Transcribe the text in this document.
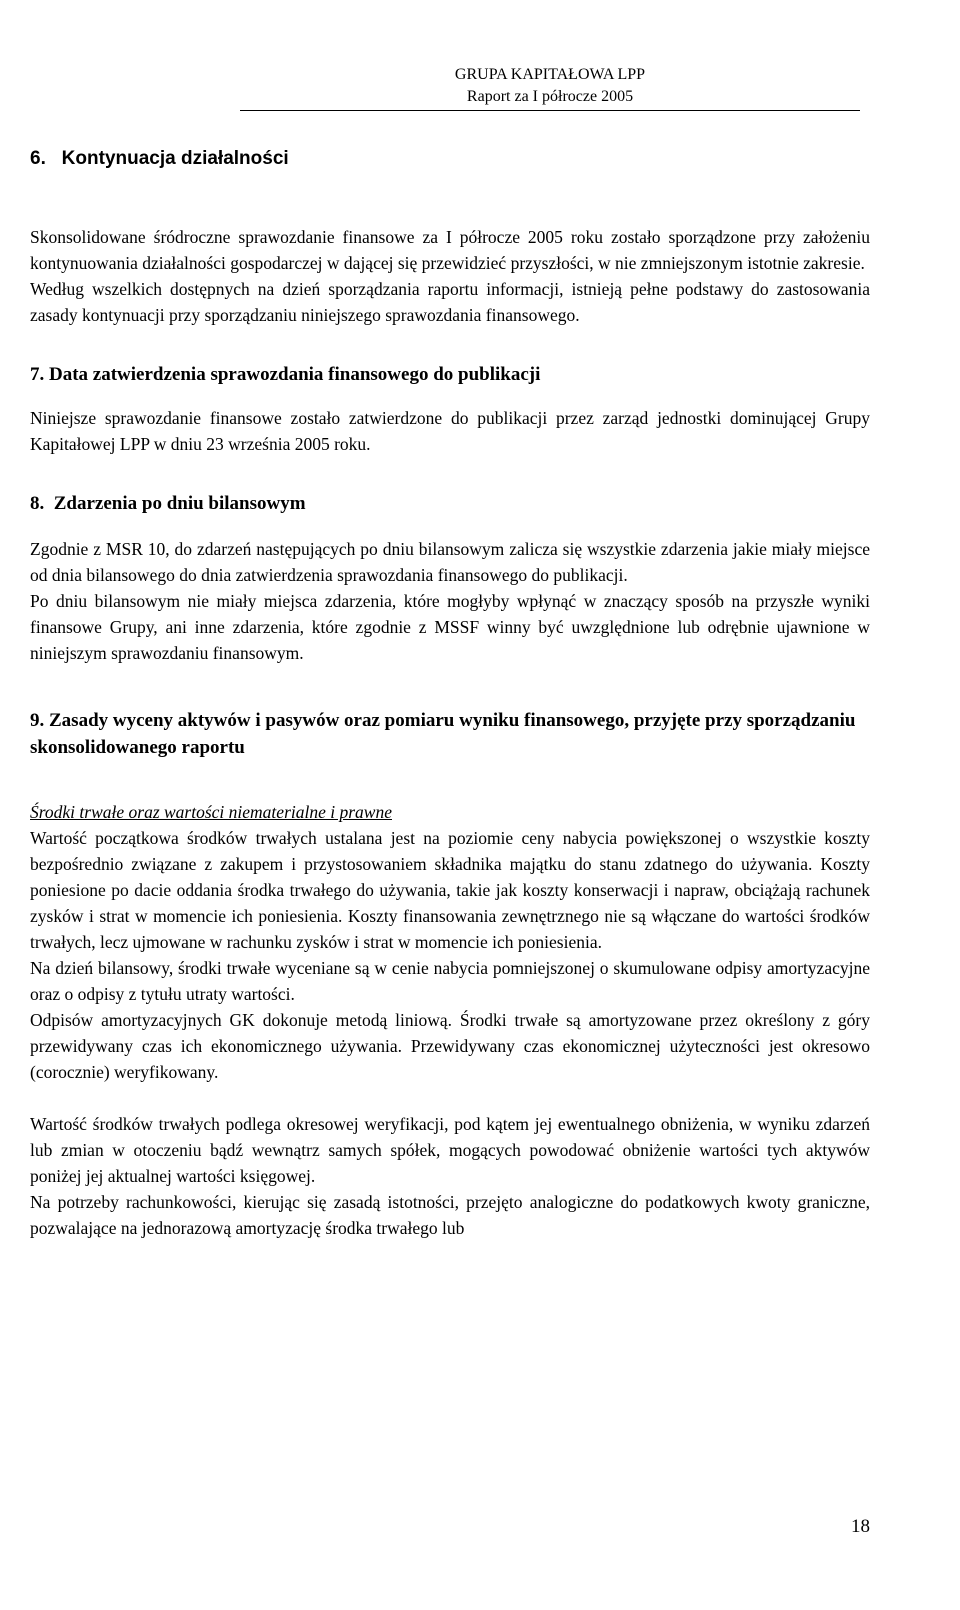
GRUPA KAPITAŁOWA LPP
Raport za I półrocze 2005
6.   Kontynuacja działalności

Skonsolidowane śródroczne sprawozdanie finansowe za I półrocze 2005 roku zostało sporządzone przy założeniu kontynuowania działalności gospodarczej w dającej się przewidzieć przyszłości, w nie zmniejszonym istotnie zakresie.

Według wszelkich dostępnych na dzień sporządzania raportu informacji, istnieją pełne podstawy do zastosowania zasady kontynuacji przy sporządzaniu niniejszego sprawozdania finansowego.

7. Data zatwierdzenia sprawozdania finansowego do publikacji

Niniejsze sprawozdanie finansowe zostało zatwierdzone do publikacji przez zarząd jednostki dominującej Grupy Kapitałowej LPP w dniu 23 września 2005 roku.

8.  Zdarzenia po dniu bilansowym

Zgodnie z MSR 10, do zdarzeń następujących po dniu bilansowym zalicza się wszystkie zdarzenia jakie miały miejsce od dnia bilansowego do dnia zatwierdzenia sprawozdania finansowego do publikacji.

Po dniu bilansowym nie miały miejsca zdarzenia, które mogłyby wpłynąć w znaczący sposób na przyszłe wyniki finansowe Grupy, ani inne zdarzenia, które zgodnie z MSSF winny być uwzględnione lub odrębnie ujawnione w niniejszym sprawozdaniu finansowym.

9. Zasady wyceny aktywów i pasywów oraz pomiaru wyniku finansowego, przyjęte przy sporządzaniu skonsolidowanego raportu

Środki trwałe oraz wartości niematerialne i prawne

Wartość początkowa środków trwałych ustalana jest na poziomie ceny nabycia powiększonej o wszystkie koszty bezpośrednio związane z zakupem i przystosowaniem składnika majątku do stanu zdatnego do używania. Koszty poniesione po dacie oddania środka trwałego do używania, takie jak koszty konserwacji i napraw, obciążają rachunek zysków i strat w momencie ich poniesienia. Koszty finansowania zewnętrznego nie są włączane do wartości środków trwałych, lecz ujmowane w rachunku zysków i strat w momencie ich poniesienia.

Na dzień bilansowy, środki trwałe wyceniane są w cenie nabycia pomniejszonej o skumulowane odpisy amortyzacyjne oraz o odpisy z tytułu utraty wartości.

Odpisów amortyzacyjnych GK dokonuje metodą liniową. Środki trwałe są amortyzowane przez określony z góry przewidywany czas ich ekonomicznego używania. Przewidywany czas ekonomicznej użyteczności jest okresowo (corocznie) weryfikowany.

Wartość środków trwałych podlega okresowej weryfikacji, pod kątem jej ewentualnego obniżenia, w wyniku zdarzeń lub zmian w otoczeniu bądź wewnątrz samych spółek, mogących powodować obniżenie wartości tych aktywów poniżej jej aktualnej wartości księgowej.

Na potrzeby rachunkowości, kierując się zasadą istotności, przejęto analogiczne do podatkowych kwoty graniczne, pozwalające na jednorazową amortyzację środka trwałego lub

18
